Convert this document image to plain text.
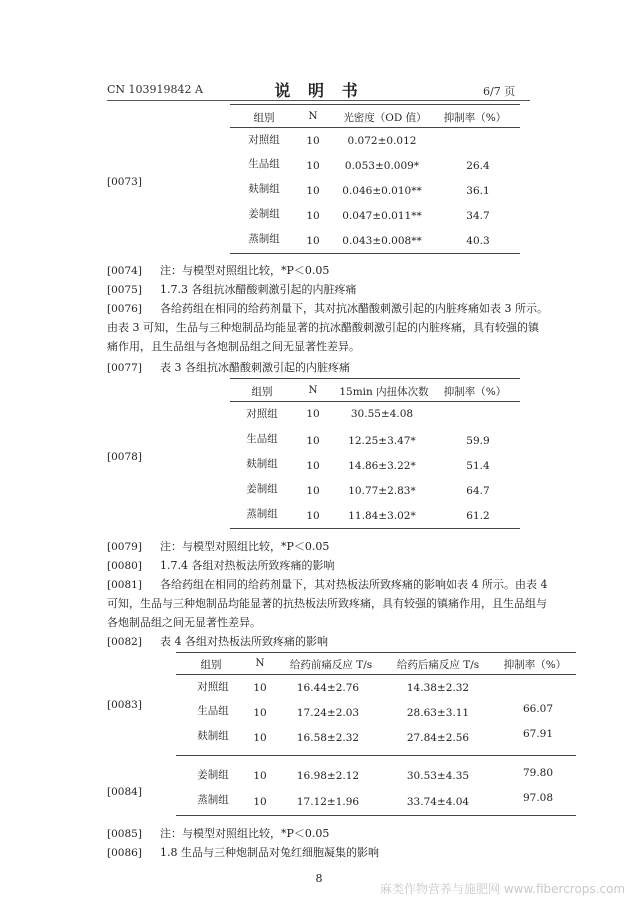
CN 103919842 A	说 明 书	6/7 页
组别	N 光密度（OD 值） 抑制率（%）
对照组	10	0.072±0.012
生品组	10 0.053±0.009*	26.4
麸制组	10 0.046±0.010**	36.1
姜制组	10 0.047±0.011**	34.7
蒸制组	10 0.043±0.008**	40.3
[0073]
[0074] 注：与模型对照组比较，*P＜0.05
[0075] 1.7.3 各组抗冰醋酸刺激引起的内脏疼痛
[0076] 各给药组在相同的给药剂量下，其对抗冰醋酸刺激引起的内脏疼痛如表 3 所示。
由表 3 可知，生品与三种炮制品均能显著的抗冰醋酸刺激引起的内脏疼痛，具有较强的镇
痛作用，且生品组与各炮制品组之间无显著性差异。
[0077] 表 3 各组抗冰醋酸刺激引起的内脏疼痛
组别	N 15min 内扭体次数 抑制率（%）
对照组	10	30.55±4.08
生品组	10	12.25±3.47*	59.9
麸制组	10	14.86±3.22*	51.4
姜制组	10	10.77±2.83*	64.7
蒸制组	10	11.84±3.02*	61.2
[0078]
[0079] 注：与模型对照组比较，*P＜0.05
[0080] 1.7.4 各组对热板法所致疼痛的影响
[0081] 各给药组在相同的给药剂量下，其对热板法所致疼痛的影响如表 4 所示。由表 4
可知，生品与三种炮制品均能显著的抗热板法所致疼痛，具有较强的镇痛作用，且生品组与
各炮制品组之间无显著性差异。
[0082] 表 4 各组对热板法所致疼痛的影响
组别	N 给药前痛反应 T/s 给药后痛反应 T/s 抑制率（%）
对照组 10	16.44±2.76	14.38±2.32
生品组 10	17.24±2.03	28.63±3.11	66.07
麸制组 10	16.58±2.32	27.84±2.56	67.91
姜制组 10	16.98±2.12	30.53±4.35	79.80
蒸制组 10	17.12±1.96	33.74±4.04	97.08
[0083]
[0084]
[0085] 注：与模型对照组比较，*P＜0.05
[0086] 1.8 生品与三种炮制品对兔红细胞凝集的影响
8
麻类作物营养与施肥网 www.fibercrops.com
